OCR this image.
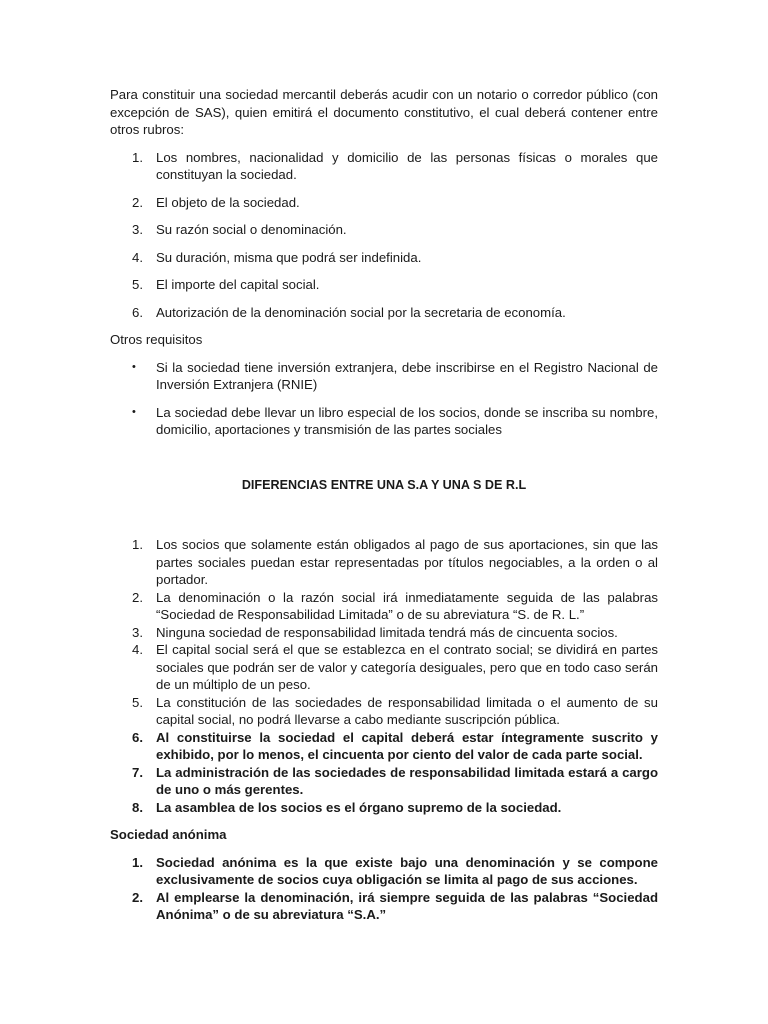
Para constituir una sociedad mercantil deberás acudir con un notario o corredor público (con excepción de SAS), quien emitirá el documento constitutivo, el cual deberá contener entre otros rubros:

1. Los nombres, nacionalidad y domicilio de las personas físicas o morales que constituyan la sociedad.
2. El objeto de la sociedad.
3. Su razón social o denominación.
4. Su duración, misma que podrá ser indefinida.
5. El importe del capital social.
6. Autorización de la denominación social por la secretaria de economía.

Otros requisitos

•	Si la sociedad tiene inversión extranjera, debe inscribirse en el Registro Nacional de Inversión Extranjera (RNIE)
•	La sociedad debe llevar un libro especial de los socios, donde se inscriba su nombre, domicilio, aportaciones y transmisión de las partes sociales

DIFERENCIAS ENTRE UNA S.A Y UNA S DE R.L

1. Los socios que solamente están obligados al pago de sus aportaciones, sin que las partes sociales puedan estar representadas por títulos negociables, a la orden o al portador.
2. La denominación o la razón social irá inmediatamente seguida de las palabras “Sociedad de Responsabilidad Limitada” o de su abreviatura “S. de R. L.”
3. Ninguna sociedad de responsabilidad limitada tendrá más de cincuenta socios.
4. El capital social será el que se establezca en el contrato social; se dividirá en partes sociales que podrán ser de valor y categoría desiguales, pero que en todo caso serán de un múltiplo de un peso.
5. La constitución de las sociedades de responsabilidad limitada o el aumento de su capital social, no podrá llevarse a cabo mediante suscripción pública.
6. Al constituirse la sociedad el capital deberá estar íntegramente suscrito y exhibido, por lo menos, el cincuenta por ciento del valor de cada parte social.
7. La administración de las sociedades de responsabilidad limitada estará a cargo de uno o más gerentes.
8. La asamblea de los socios es el órgano supremo de la sociedad.

Sociedad anónima

1. Sociedad anónima es la que existe bajo una denominación y se compone exclusivamente de socios cuya obligación se limita al pago de sus acciones.
2. Al emplearse la denominación, irá siempre seguida de las palabras “Sociedad Anónima” o de su abreviatura “S.A.”
